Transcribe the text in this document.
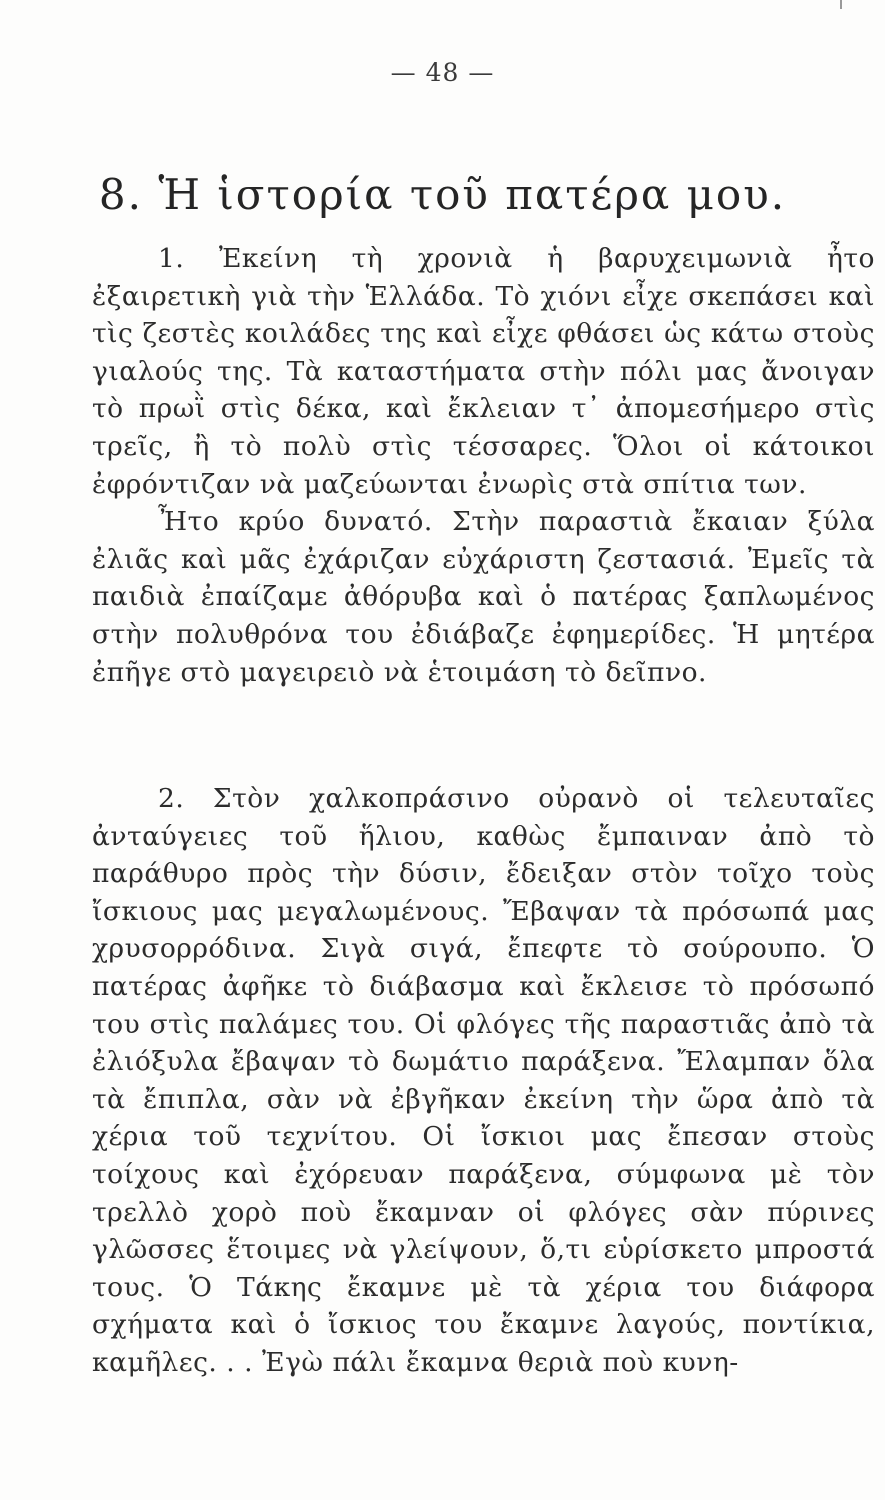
— 48 —
8. Ἡ ἱστορία τοῦ πατέρα μου.

1. Ἐκείνη τὴ χρονιὰ ἡ βαρυχειμωνιὰ ἦτο ἐξαιρετικὴ γιὰ τὴν Ἑλλάδα. Τὸ χιόνι εἶχε σκεπάσει καὶ τὶς ζεστὲς κοιλάδες της καὶ εἶχε φθάσει ὡς κάτω στοὺς γιαλούς της. Τὰ καταστήματα στὴν πόλι μας ἄνοιγαν τὸ πρωῒ στὶς δέκα, καὶ ἔκλειαν τ᾽ ἀπομεσήμερο στὶς τρεῖς, ἢ τὸ πολὺ στὶς τέσσαρες. Ὅλοι οἱ κάτοικοι ἐφρόντιζαν νὰ μαζεύωνται ἐνωρὶς στὰ σπίτια των.

Ἦτο κρύο δυνατό. Στὴν παραστιὰ ἔκαιαν ξύλα ἐλιᾶς καὶ μᾶς ἐχάριζαν εὐχάριστη ζεστασιά. Ἐμεῖς τὰ παιδιὰ ἐπαίζαμε ἀθόρυβα καὶ ὁ πατέρας ξαπλωμένος στὴν πολυθρόνα του ἐδιάβαζε ἐφημερίδες. Ἡ μητέρα ἐπῆγε στὸ μαγειρειὸ νὰ ἑτοιμάση τὸ δεῖπνο.

2. Στὸν χαλκοπράσινο οὐρανὸ οἱ τελευταῖες ἀνταύγειες τοῦ ἥλιου, καθὼς ἔμπαιναν ἀπὸ τὸ παράθυρο πρὸς τὴν δύσιν, ἔδειξαν στὸν τοῖχο τοὺς ἴσκιους μας μεγαλωμένους. Ἔβαψαν τὰ πρόσωπά μας χρυσορρόδινα. Σιγὰ σιγά, ἔπεφτε τὸ σούρουπο. Ὁ πατέρας ἀφῆκε τὸ διάβασμα καὶ ἔκλεισε τὸ πρόσωπό του στὶς παλάμες του. Οἱ φλόγες τῆς παραστιᾶς ἀπὸ τὰ ἐλιόξυλα ἔβαψαν τὸ δωμάτιο παράξενα. Ἔλαμπαν ὅλα τὰ ἔπιπλα, σὰν νὰ ἐβγῆκαν ἐκείνη τὴν ὥρα ἀπὸ τὰ χέρια τοῦ τεχνίτου. Οἱ ἴσκιοι μας ἔπεσαν στοὺς τοίχους καὶ ἐχόρευαν παράξενα, σύμφωνα μὲ τὸν τρελλὸ χορὸ ποὺ ἔκαμναν οἱ φλόγες σὰν πύρινες γλῶσσες ἕτοιμες νὰ γλείψουν, ὅ,τι εὑρίσκετο μπροστά τους. Ὁ Τάκης ἔκαμνε μὲ τὰ χέρια του διάφορα σχήματα καὶ ὁ ἴσκιος του ἔκαμνε λαγούς, ποντίκια, καμῆλες. . . Ἐγὼ πάλι ἔκαμνα θεριὰ ποὺ κυνη-
